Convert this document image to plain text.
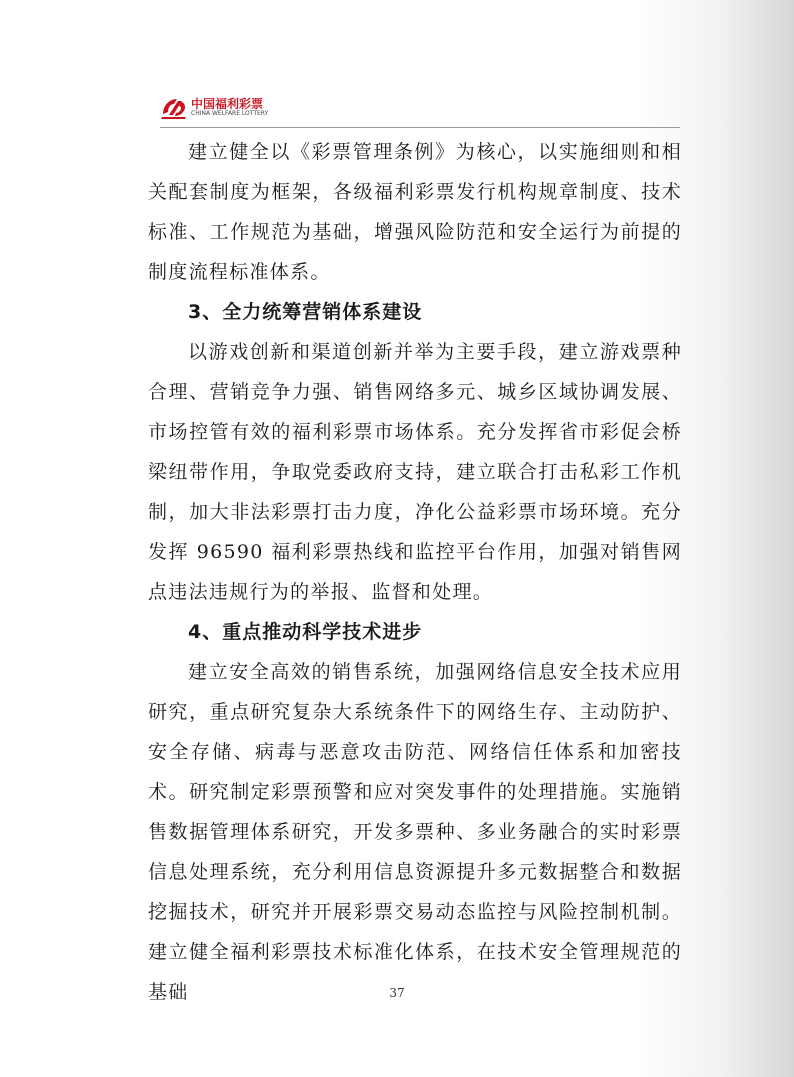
中国福利彩票
CHINA WELFARE LOTTERY

建立健全以《彩票管理条例》为核心，以实施细则和相关配套制度为框架，各级福利彩票发行机构规章制度、技术标准、工作规范为基础，增强风险防范和安全运行为前提的制度流程标准体系。

3、全力统筹营销体系建设

以游戏创新和渠道创新并举为主要手段，建立游戏票种合理、营销竞争力强、销售网络多元、城乡区域协调发展、市场控管有效的福利彩票市场体系。充分发挥省市彩促会桥梁纽带作用，争取党委政府支持，建立联合打击私彩工作机制，加大非法彩票打击力度，净化公益彩票市场环境。充分发挥 96590 福利彩票热线和监控平台作用，加强对销售网点违法违规行为的举报、监督和处理。

4、重点推动科学技术进步

建立安全高效的销售系统，加强网络信息安全技术应用研究，重点研究复杂大系统条件下的网络生存、主动防护、安全存储、病毒与恶意攻击防范、网络信任体系和加密技术。研究制定彩票预警和应对突发事件的处理措施。实施销售数据管理体系研究，开发多票种、多业务融合的实时彩票信息处理系统，充分利用信息资源提升多元数据整合和数据挖掘技术，研究并开展彩票交易动态监控与风险控制机制。建立健全福利彩票技术标准化体系，在技术安全管理规范的基础	37
